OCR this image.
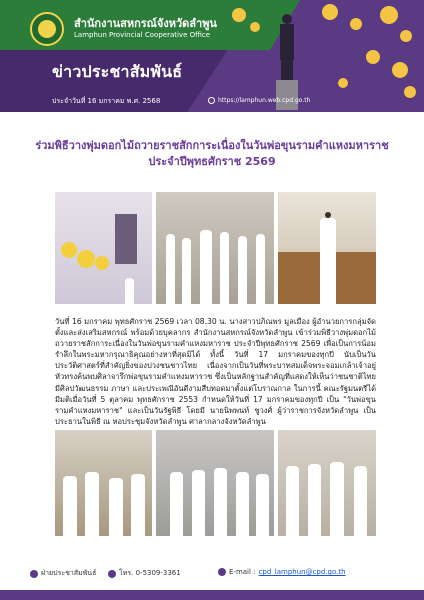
สำนักงานสหกรณ์จังหวัดลำพูน
Lamphun Provincial Cooperative Office
ข่าวประชาสัมพันธ์
ประจำวันที่ 16 มกราคม พ.ศ. 2568	https://lamphun.web.cpd.go.th
ร่วมพิธีวางพุ่มดอกไม้ถวายราชสักการะเนื่องในวันพ่อขุนรามคำแหงมหาราช
ประจำปีพุทธศักราช 2569
วันที่ 16 มกราคม พุทธศักราช 2569 เวลา 08.30 น. นางสาวปภิณพร มูลเมือง ผู้อำนวยการกลุ่มจัดตั้งและส่งเสริมสหกรณ์ พร้อมด้วยบุคลากร สำนักงานสหกรณ์จังหวัดลำพูน เข้าร่วมพิธีวางพุ่มดอกไม้ถวายราชสักการะเนื่องในวันพ่อขุนรามคำแหงมหาราช ประจำปีพุทธศักราช 2569 เพื่อเป็นการน้อมรำลึกในพระมหากรุณาธิคุณอย่างหาที่สุดมิได้ ทั้งนี้ วันที่ 17 มกราคมของทุกปี นับเป็นวันประวัติศาสตร์ที่สำคัญยิ่งของปวงชนชาวไทย เนื่องจากเป็นวันที่พระบาทสมเด็จพระจอมเกล้าเจ้าอยู่หัวทรงค้นพบศิลาจารึกพ่อขุนรามคำแหงมหาราช ซึ่งเป็นหลักฐานสำคัญที่แสดงให้เห็นว่าชนชาติไทยมีศิลปวัฒนธรรม ภาษา และประเพณีอันดีงามสืบทอดมาตั้งแต่โบราณกาล ในการนี้ คณะรัฐมนตรีได้มีมติเมื่อวันที่ 5 ตุลาคม พุทธศักราช 2553 กำหนดให้วันที่ 17 มกราคมของทุกปี เป็น "วันพ่อขุนรามคำแหงมหาราช" และเป็นวันรัฐพิธี โดยมี นายนิพพนท์ ชูวงศ์ ผู้ว่าราชการจังหวัดลำพูน เป็นประธานในพิธี ณ หอประชุมจังหวัดลำพูน ศาลากลางจังหวัดลำพูน
ฝ่ายประชาสัมพันธ์	โทร. 0-5309-3361	E-mail : cpd_lamphun@cpd.go.th
